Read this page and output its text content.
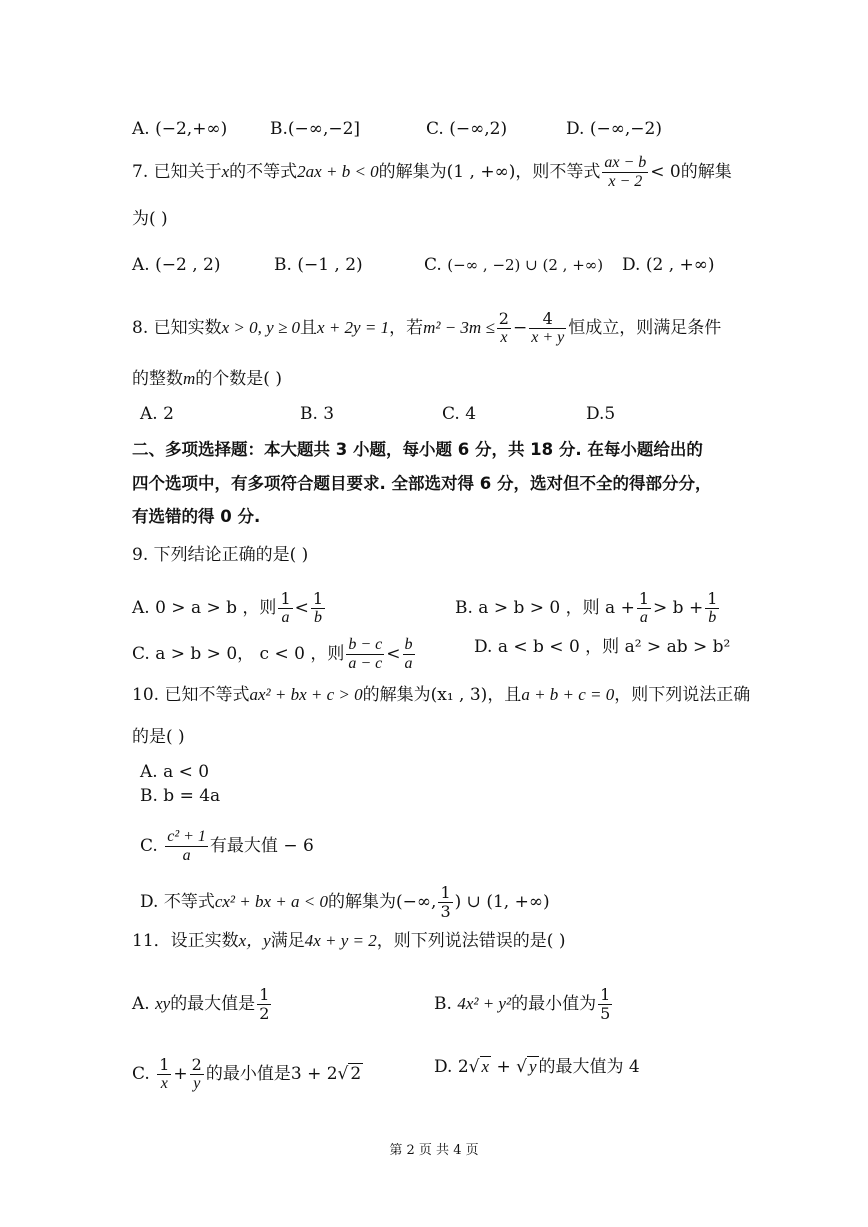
A. (−2,+∞)	B.(−∞,−2]	C. (−∞,2)	D. (−∞,−2)
7. 已知关于x的不等式2ax + b < 0的解集为(1 , +∞)，则不等式 $\frac{ax - b}{x - 2} < 0$的解集
为( )
A. (−2 , 2)	B. (−1 , 2)	C. (−∞ , −2) ∪ (2 , +∞) D. (2 , +∞)
8. 已知实数x > 0, y ≥ 0且x + 2y = 1，若$m^2 - 3m \le \frac{2}{x} - \frac{4}{x + y}$ 恒成立，则满足条件
的整数m的个数是( )
A. 2	B. 3	C. 4	D.5
二、多项选择题：本大题共 3 小题，每小题 6 分，共 18 分. 在每小题给出的
四个选项中，有多项符合题目要求. 全部选对得 6 分，选对但不全的得部分分，
有选错的得 0 分.
9. 下列结论正确的是( )
A. 0 > a > b ，则 $\frac{1}{a} < \frac{1}{b}$	B. a > b > 0 ，则 $a + \frac{1}{a} > b + \frac{1}{b}$
C. a > b > 0， c < 0 ，则 $\frac{b - c}{a - c} < \frac{b}{a}$	D. a < b < 0 ，则 a² > ab > b²
10. 已知不等式ax² + bx + c > 0的解集为(x₁ , 3)，且a + b + c = 0，则下列说法正确
的是( )
A. a < 0
B. b = 4a
C. $\frac{\text{c² + 1}}{a}$ 有最大值 − 6
D. 不等式cx² + bx + a < 0的解集为(−∞, $\frac{1}{3}$ ) ∪ (1, +∞)
11．设正实数x，y满足4x + y = 2，则下列说法错误的是( )
A. xy的最大值是 $\frac{1}{2}$	B. 4x² + y²的最小值为 $\frac{1}{5}$
C. $\frac{1}{x} + \frac{2}{y}$ 的最小值是3 + 2√ 2	D. 2√ x + √ y 的最大值为 4
第 2 页 共 4 页
